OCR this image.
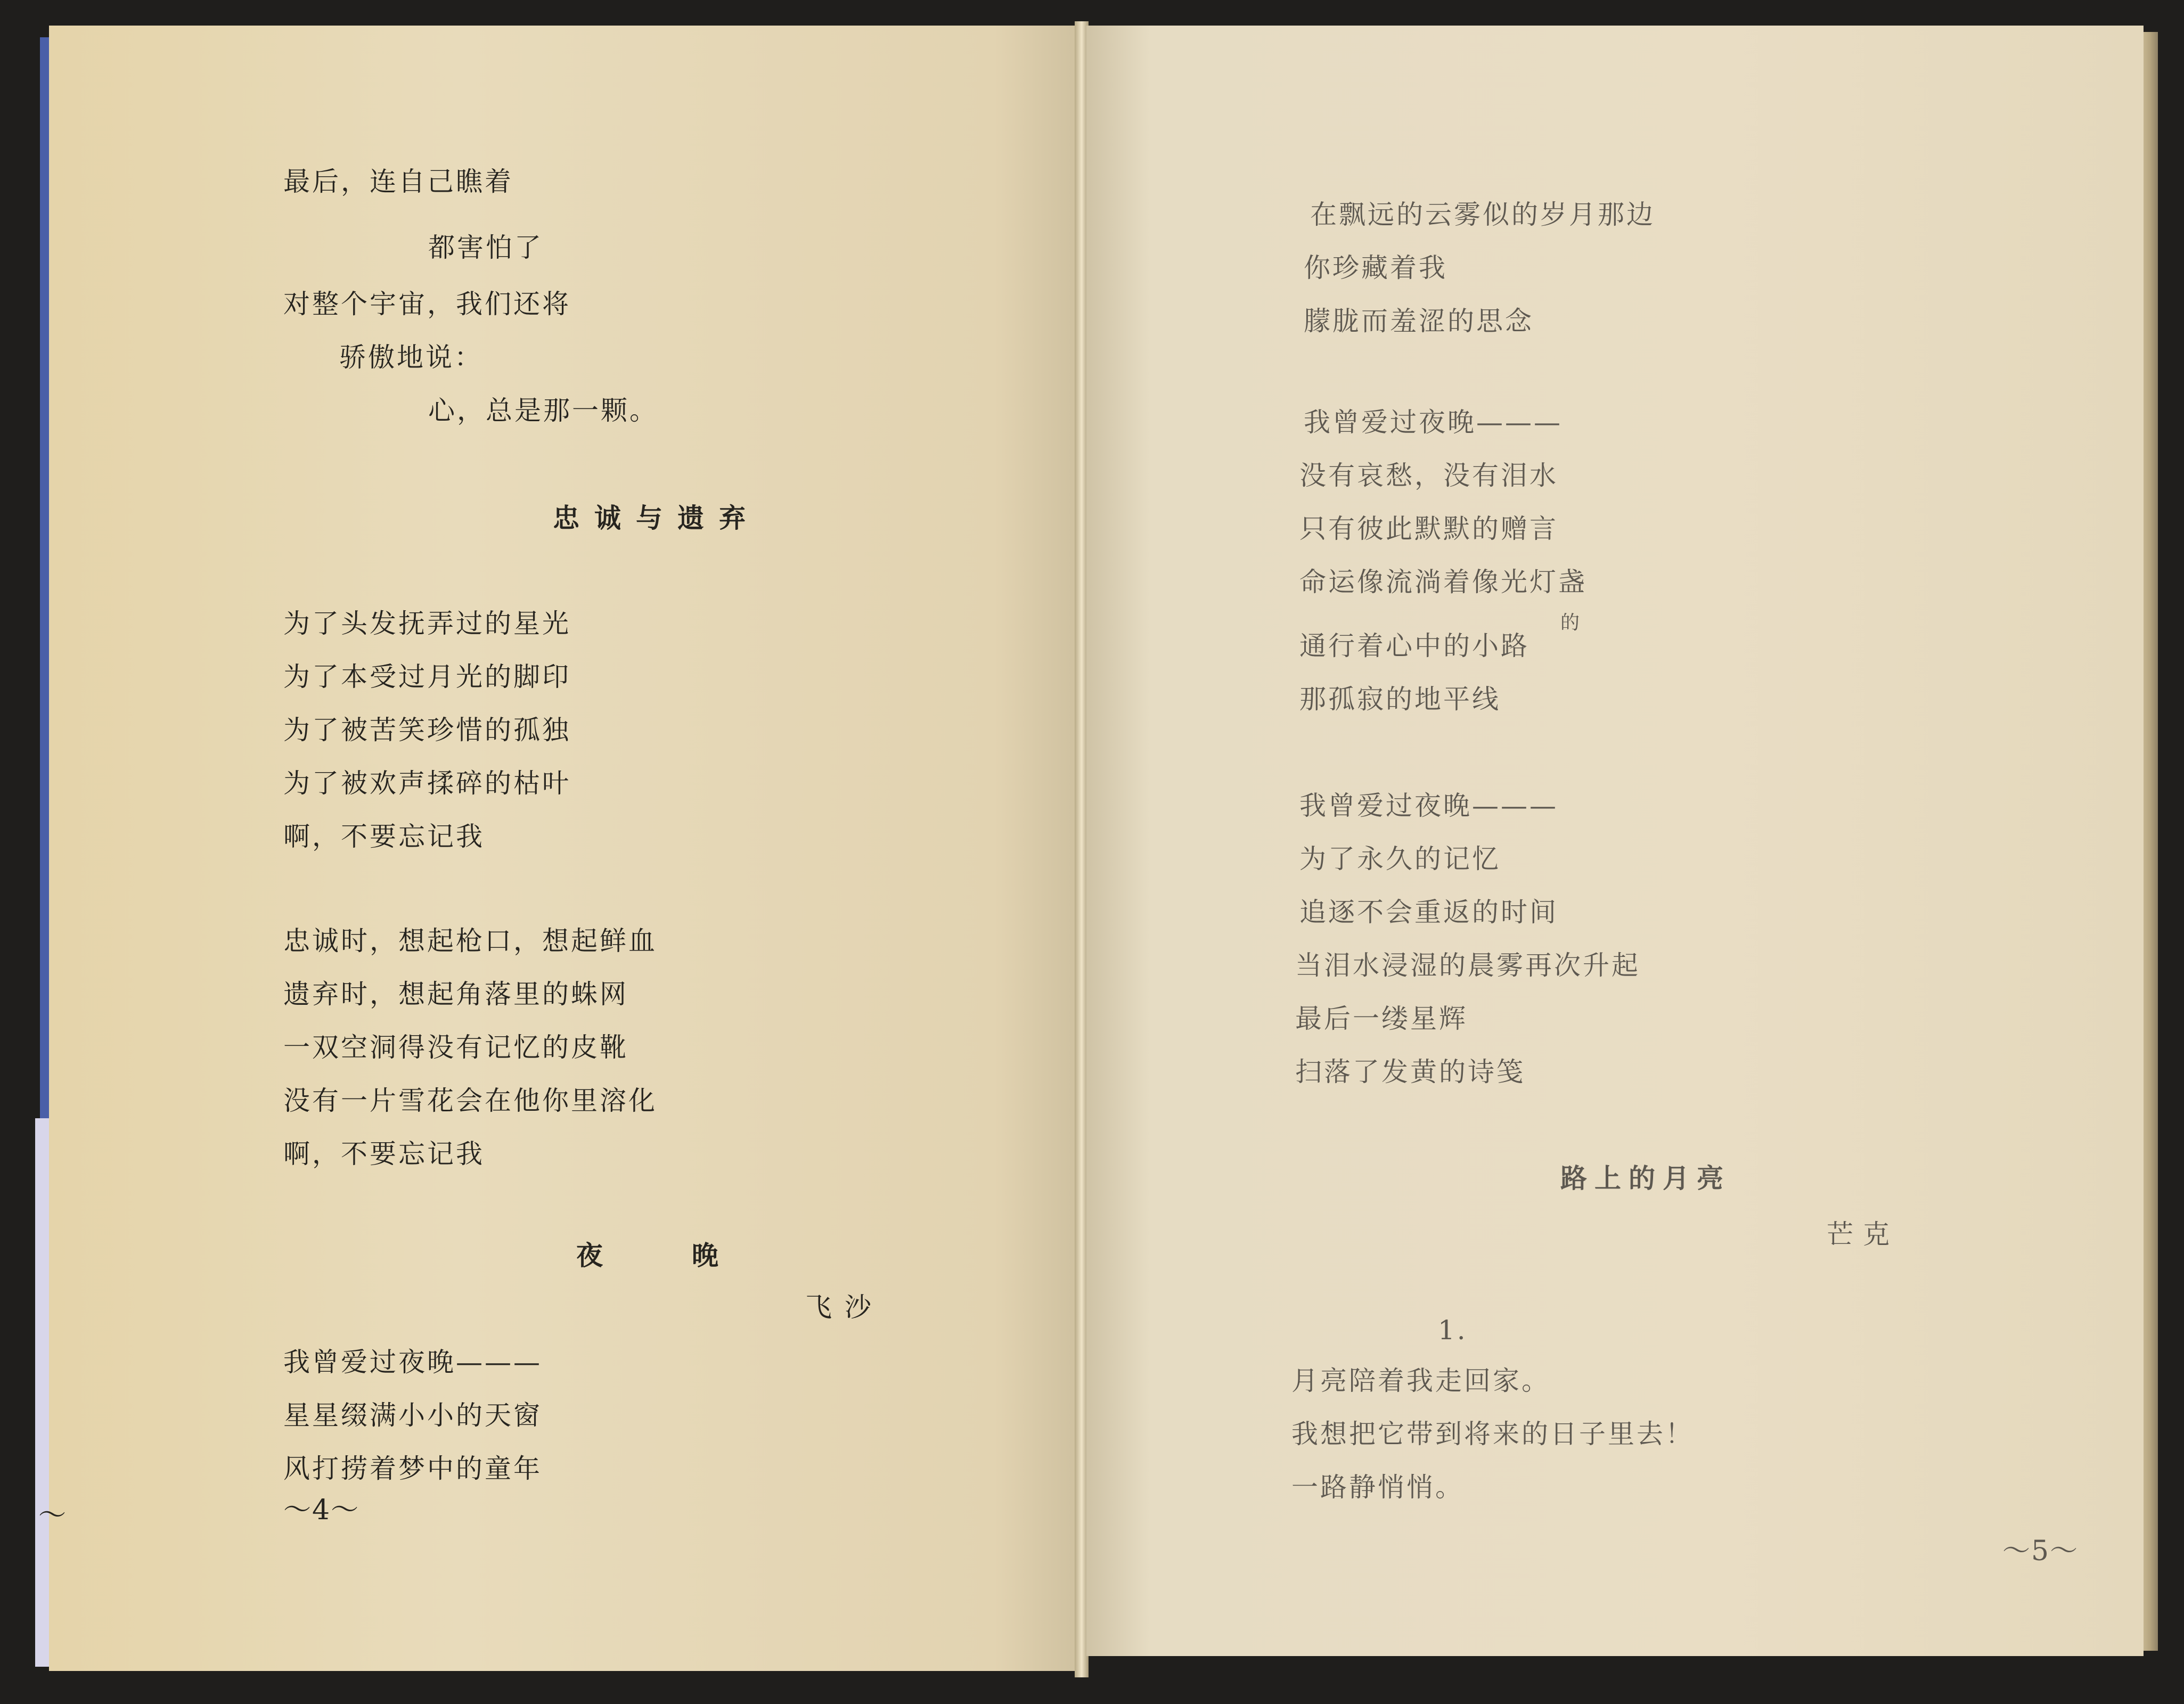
最后，连自己瞧着
都害怕了
对整个宇宙，我们还将
骄傲地说：
心，总是那一颗。
忠诚与遗弃
为了头发抚弄过的星光
为了本受过月光的脚印
为了被苦笑珍惜的孤独
为了被欢声揉碎的枯叶
啊，不要忘记我
忠诚时，想起枪口，想起鲜血
遗弃时，想起角落里的蛛网
一双空洞得没有记忆的皮靴
没有一片雪花会在他你里溶化
啊，不要忘记我
夜	晚
飞沙
我曾爱过夜晚———
星星缀满小小的天窗
风打捞着梦中的童年
～4～
～
在飘远的云雾似的岁月那边
你珍藏着我
朦胧而羞涩的思念
我曾爱过夜晚———
没有哀愁，没有泪水
只有彼此默默的赠言
命运像流淌着像光灯盏
的
通行着心中的小路
那孤寂的地平线
我曾爱过夜晚———
为了永久的记忆
追逐不会重返的时间
当泪水浸湿的晨雾再次升起
最后一缕星辉
扫落了发黄的诗笺
路上的月亮
芒克
1.
月亮陪着我走回家。
我想把它带到将来的日子里去！
一路静悄悄。
～5～
